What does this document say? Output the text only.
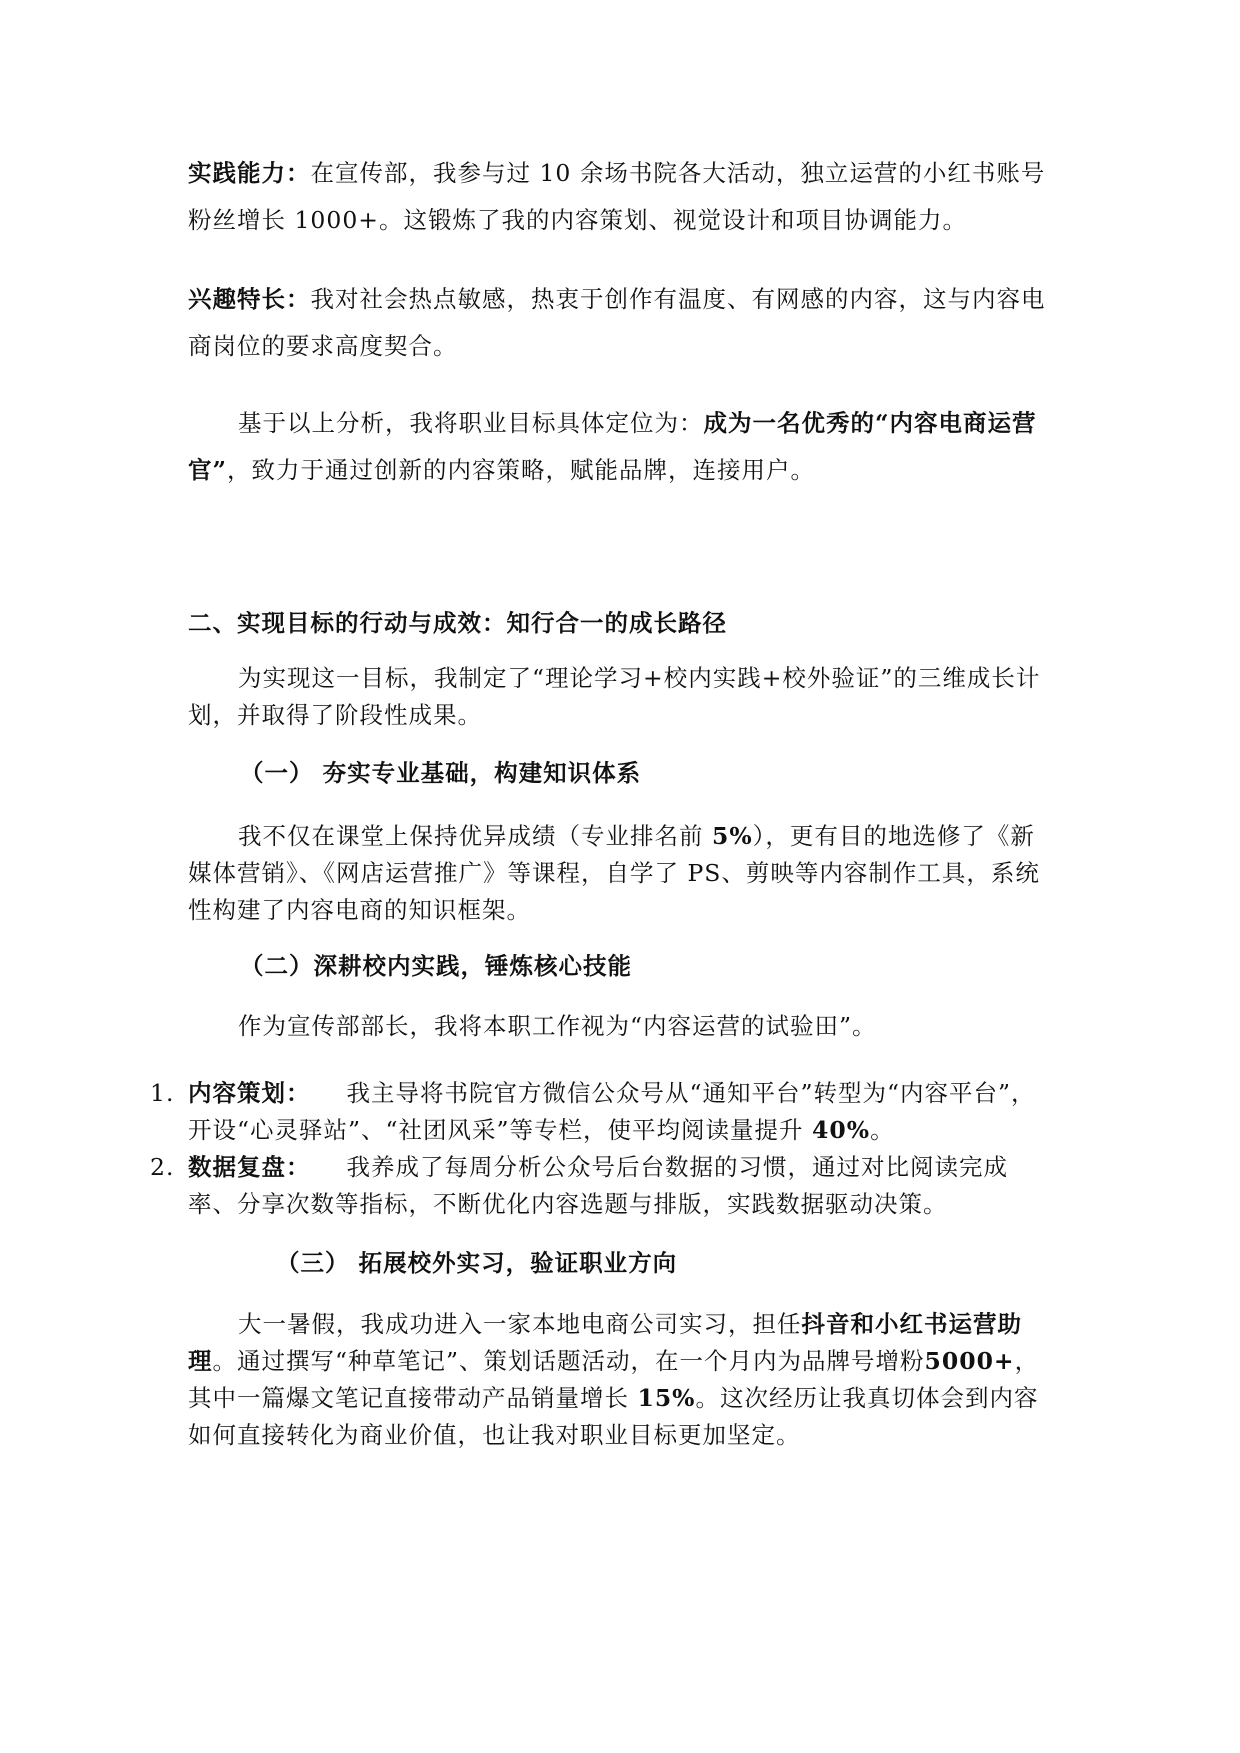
实践能力：在宣传部，我参与过 10 余场书院各大活动，独立运营的小红书账号粉丝增长 1000+。这锻炼了我的内容策划、视觉设计和项目协调能力。
兴趣特长：我对社会热点敏感，热衷于创作有温度、有网感的内容，这与内容电商岗位的要求高度契合。
基于以上分析，我将职业目标具体定位为：成为一名优秀的“内容电商运营官”，致力于通过创新的内容策略，赋能品牌，连接用户。
二、实现目标的行动与成效：知行合一的成长路径
为实现这一目标，我制定了“理论学习+校内实践+校外验证”的三维成长计划，并取得了阶段性成果。
（一） 夯实专业基础，构建知识体系
我不仅在课堂上保持优异成绩（专业排名前 5%），更有目的地选修了《新媒体营销》、《网店运营推广》等课程，自学了 PS、剪映等内容制作工具，系统性构建了内容电商的知识框架。
（二）深耕校内实践，锤炼核心技能
作为宣传部部长，我将本职工作视为“内容运营的试验田”。
1. 内容策划： 我主导将书院官方微信公众号从“通知平台”转型为“内容平台”，开设“心灵驿站”、“社团风采”等专栏，使平均阅读量提升 40%。
2. 数据复盘： 我养成了每周分析公众号后台数据的习惯，通过对比阅读完成率、分享次数等指标，不断优化内容选题与排版，实践数据驱动决策。
（三） 拓展校外实习，验证职业方向
大一暑假，我成功进入一家本地电商公司实习，担任抖音和小红书运营助理。通过撰写“种草笔记”、策划话题活动，在一个月内为品牌号增粉5000+，其中一篇爆文笔记直接带动产品销量增长 15%。这次经历让我真切体会到内容如何直接转化为商业价值，也让我对职业目标更加坚定。
